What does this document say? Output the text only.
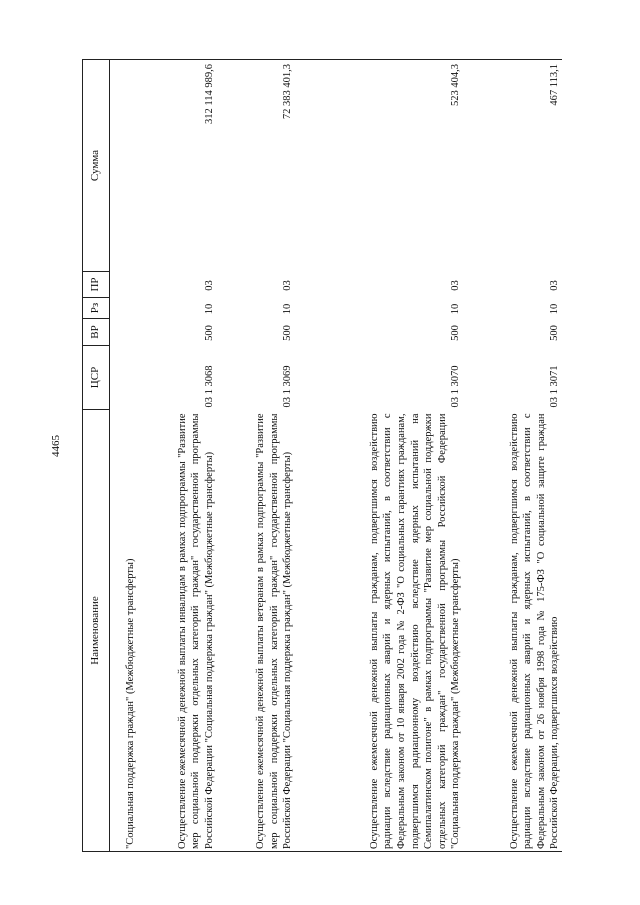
4465
Наименование	ЦСР	ВР	Рз	ПР	Сумма

"Социальная поддержка граждан" (Межбюджетные трансферты)					

Осуществление ежемесячной денежной выплаты инвалидам в рамках подпрограммы "Развитие мер социальной поддержки отдельных категорий граждан" государственной программы Российской Федерации "Социальная поддержка граждан" (Межбюджетные трансферты)	03 1 3068	500	10	03	312 114 989,6

Осуществление ежемесячной денежной выплаты ветеранам в рамках подпрограммы "Развитие мер социальной поддержки отдельных категорий граждан" государственной программы Российской Федерации "Социальная поддержка граждан" (Межбюджетные трансферты)	03 1 3069	500	10	03	72 383 401,3

Осуществление ежемесячной денежной выплаты гражданам, подвергшимся воздействию радиации вследствие радиационных аварий и ядерных испытаний, в соответствии с Федеральным законом от 10 января 2002 года № 2-ФЗ "О социальных гарантиях гражданам, подвергшимся радиационному воздействию вследствие ядерных испытаний на Семипалатинском полигоне" в рамках подпрограммы "Развитие мер социальной поддержки отдельных категорий граждан" государственной программы Российской Федерации "Социальная поддержка граждан" (Межбюджетные трансферты)	03 1 3070	500	10	03	523 404,3

Осуществление ежемесячной денежной выплаты гражданам, подвергшимся воздействию радиации вследствие радиационных аварий и ядерных испытаний, в соответствии с Федеральным законом от 26 ноября 1998 года № 175-ФЗ "О социальной защите граждан Российской Федерации, подвергшихся воздействию	03 1 3071	500	10	03	467 113,1
